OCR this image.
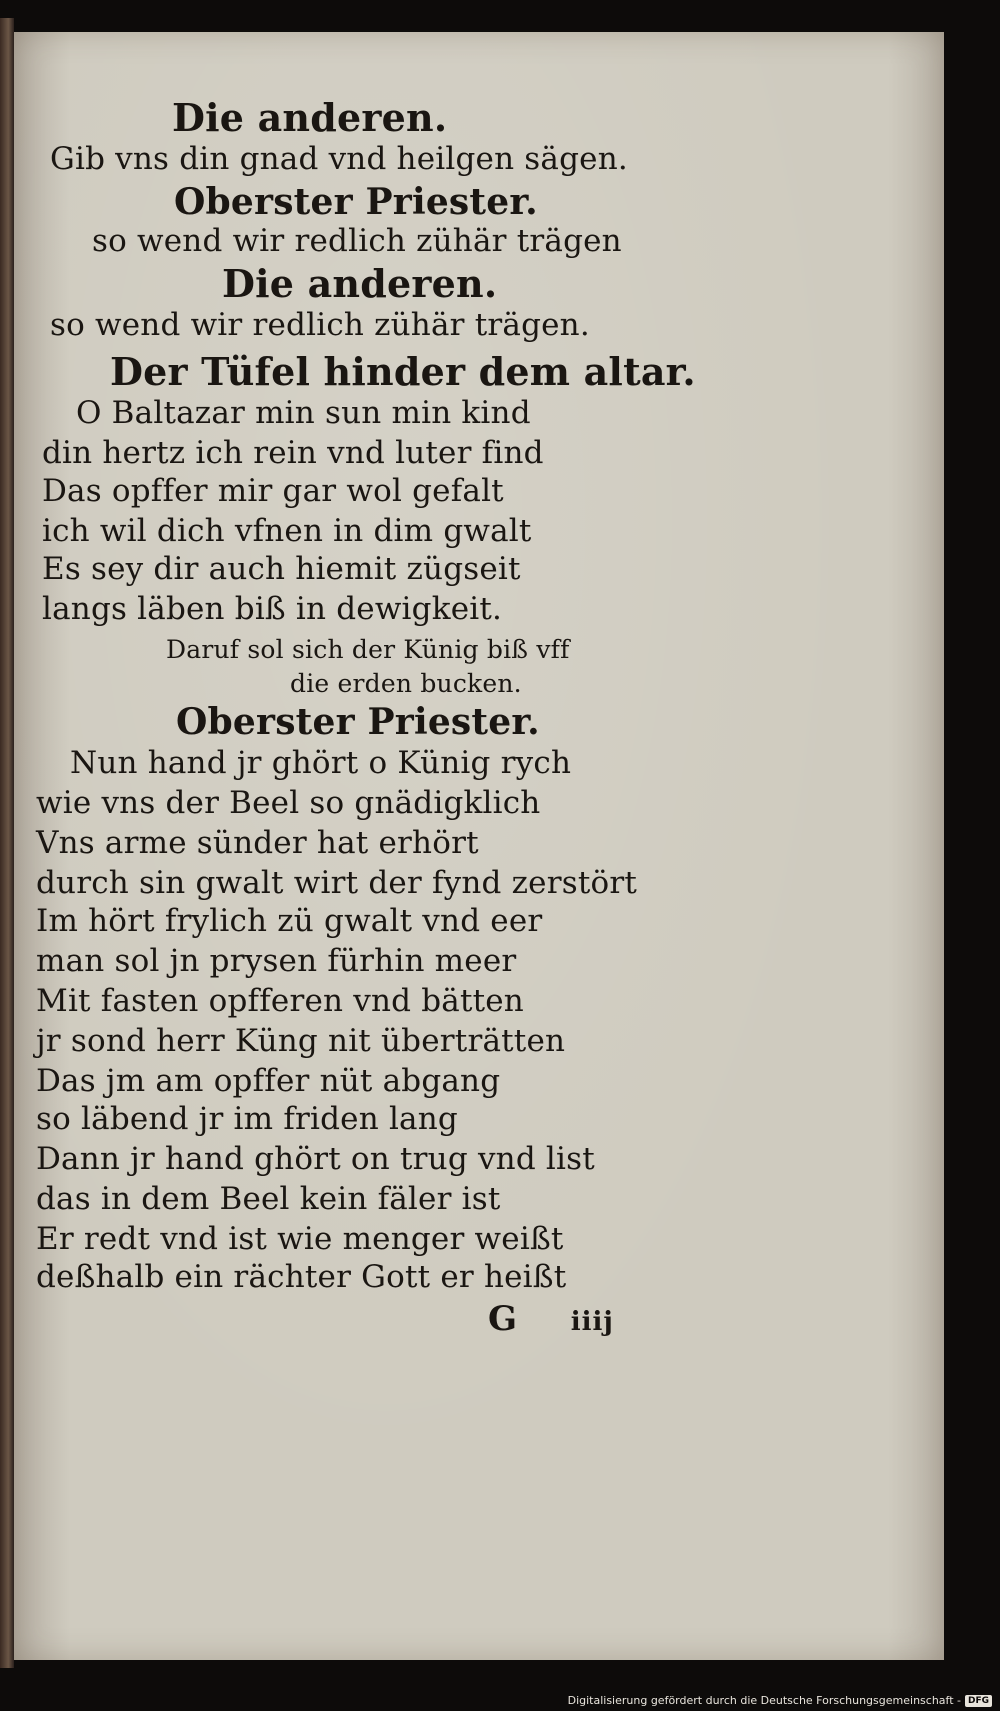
Die anderen.
Gib vns din gnad vnd heilgen sägen.
Oberster Priester.
so wend wir redlich zühär trägen
Die anderen.
so wend wir redlich zühär trägen.
Der Tüfel hinder dem altar.
O Baltazar min sun min kind
din hertz ich rein vnd luter find
Das opffer mir gar wol gefalt
ich wil dich vfnen in dim gwalt
Es sey dir auch hiemit zügseit
langs läben biß in dewigkeit.
Daruf sol sich der Künig biß vff
die erden bucken.
Oberster Priester.
Nun hand jr ghört o Künig rych
wie vns der Beel so gnädigklich
Vns arme sünder hat erhört
durch sin gwalt wirt der fynd zerstört
Im hört frylich zü gwalt vnd eer
man sol jn prysen fürhin meer
Mit fasten opfferen vnd bätten
jr sond herr Küng nit überträtten
Das jm am opffer nüt abgang
so läbend jr im friden lang
Dann jr hand ghört on trug vnd list
das in dem Beel kein fäler ist
Er redt vnd ist wie menger weißt
deßhalb ein rächter Gott er heißt
G iiij
Digitalisierung gefördert durch die Deutsche Forschungsgemeinschaft - DFG
